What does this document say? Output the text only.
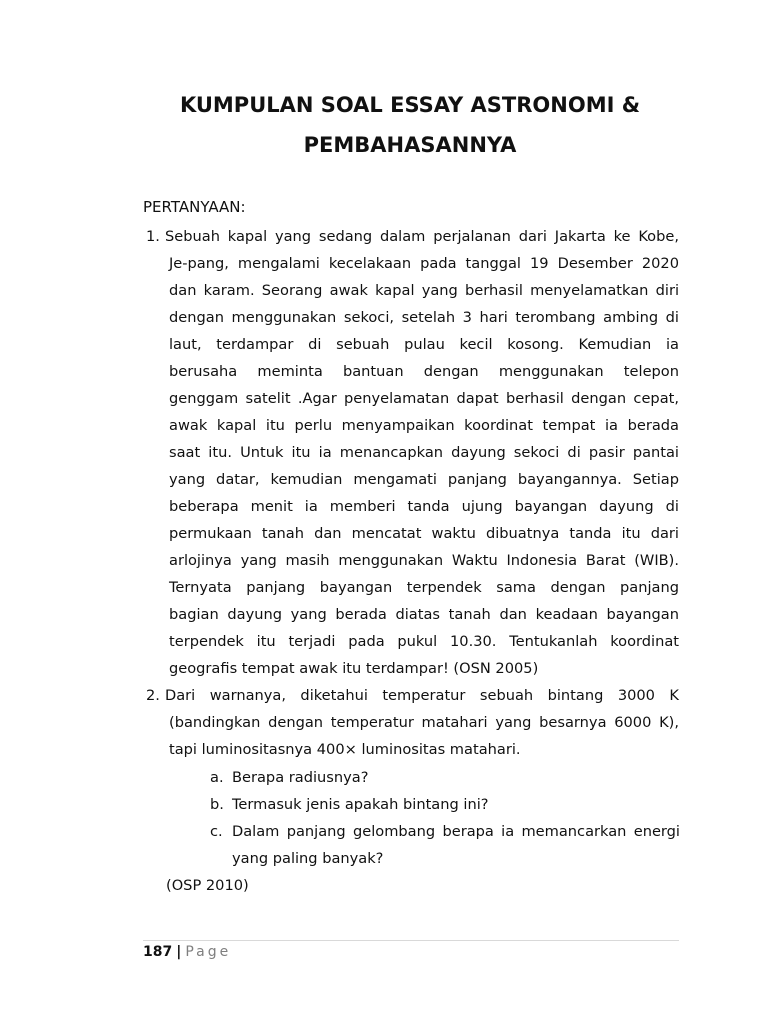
KUMPULAN SOAL ESSAY ASTRONOMI &
PEMBAHASANNYA
PERTANYAAN:
1. Sebuah kapal yang sedang dalam perjalanan dari Jakarta ke Kobe,
Je-pang, mengalami kecelakaan pada tanggal 19 Desember 2020
dan karam. Seorang awak kapal yang berhasil menyelamatkan diri
dengan menggunakan sekoci, setelah 3 hari terombang ambing di
laut, terdampar di sebuah pulau kecil kosong. Kemudian ia
berusaha meminta bantuan dengan menggunakan telepon
genggam satelit .Agar penyelamatan dapat berhasil dengan cepat,
awak kapal itu perlu menyampaikan koordinat tempat ia berada
saat itu. Untuk itu ia menancapkan dayung sekoci di pasir pantai
yang datar, kemudian mengamati panjang bayangannya. Setiap
beberapa menit ia memberi tanda ujung bayangan dayung di
permukaan tanah dan mencatat waktu dibuatnya tanda itu dari
arlojinya yang masih menggunakan Waktu Indonesia Barat (WIB).
Ternyata panjang bayangan terpendek sama dengan panjang
bagian dayung yang berada diatas tanah dan keadaan bayangan
terpendek itu terjadi pada pukul 10.30. Tentukanlah koordinat
geografis tempat awak itu terdampar! (OSN 2005)
2. Dari warnanya, diketahui temperatur sebuah bintang 3000 K
(bandingkan dengan temperatur matahari yang besarnya 6000 K),
tapi luminositasnya 400× luminositas matahari.
a. Berapa radiusnya?
b. Termasuk jenis apakah bintang ini?
c. Dalam panjang gelombang berapa ia memancarkan energi
yang paling banyak?
(OSP 2010)
187 | Page
